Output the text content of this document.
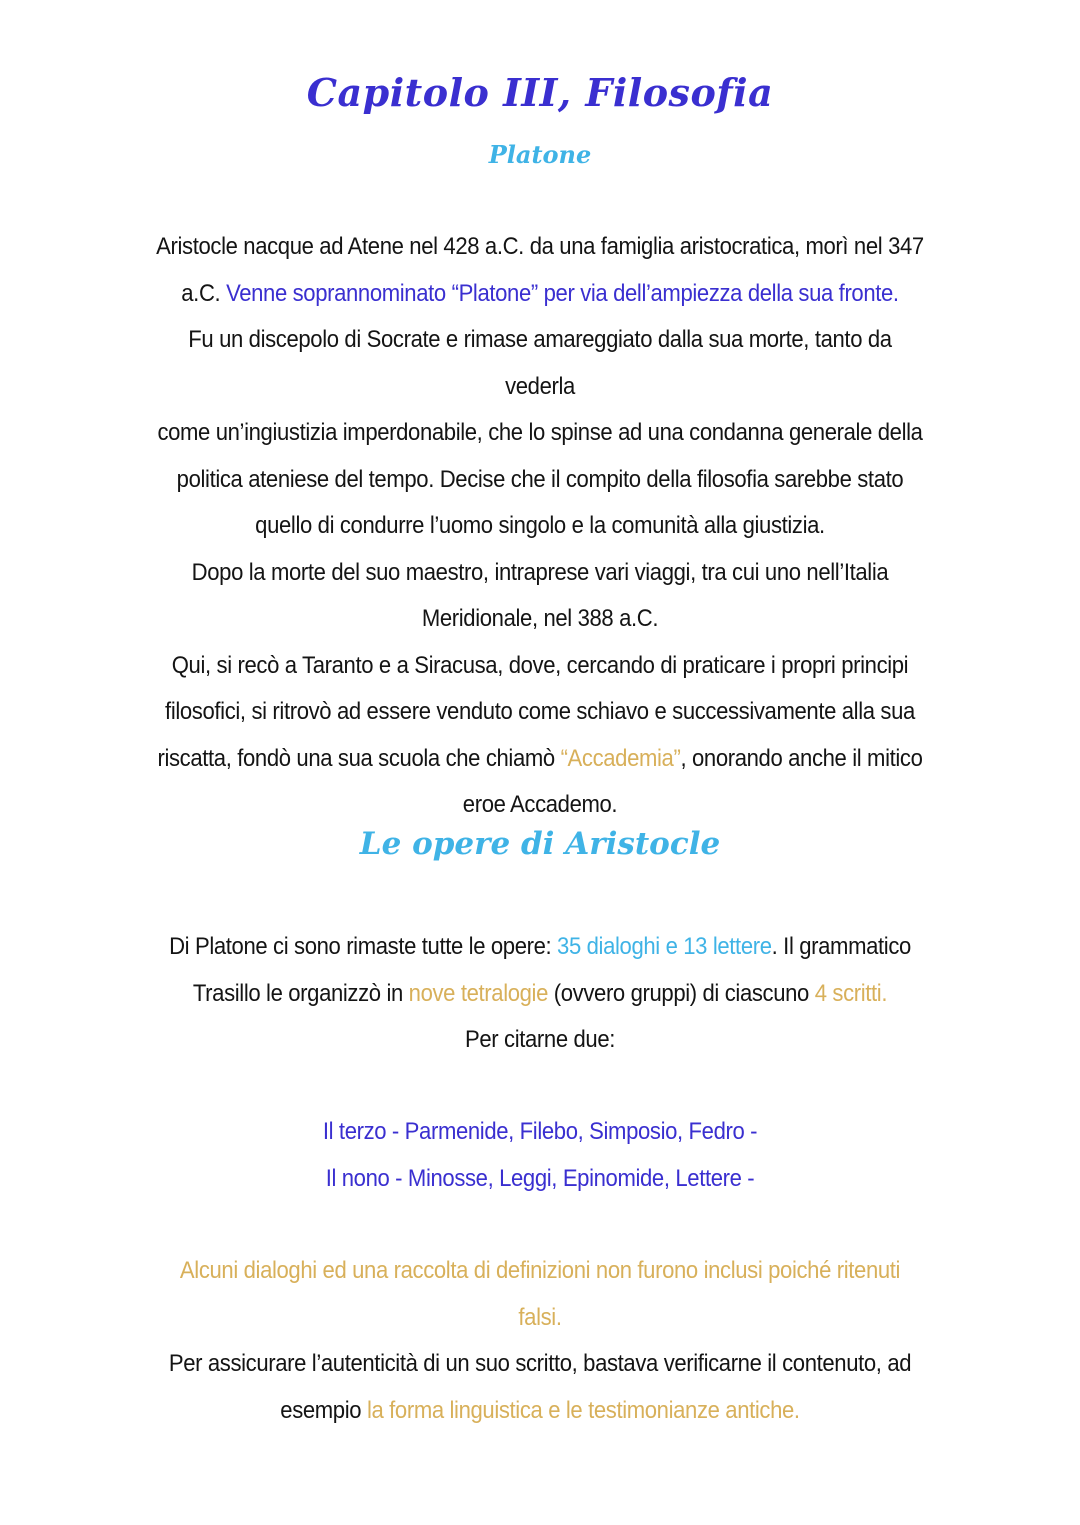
Capitolo III, Filosofia
Platone
Aristocle nacque ad Atene nel 428 a.C. da una famiglia aristocratica, morì nel 347
a.C. Venne soprannominato “Platone” per via dell’ampiezza della sua fronte.
Fu un discepolo di Socrate e rimase amareggiato dalla sua morte, tanto da vederla
come un’ingiustizia imperdonabile, che lo spinse ad una condanna generale della
politica ateniese del tempo. Decise che il compito della filosofia sarebbe stato
quello di condurre l’uomo singolo e la comunità alla giustizia.
Dopo la morte del suo maestro, intraprese vari viaggi, tra cui uno nell’Italia
Meridionale, nel 388 a.C.
Qui, si recò a Taranto e a Siracusa, dove, cercando di praticare i propri principi
filosofici, si ritrovò ad essere venduto come schiavo e successivamente alla sua
riscatta, fondò una sua scuola che chiamò “Accademia”, onorando anche il mitico
eroe Accademo.
Le opere di Aristocle
Di Platone ci sono rimaste tutte le opere: 35 dialoghi e 13 lettere. Il grammatico
Trasillo le organizzò in nove tetralogie (ovvero gruppi) di ciascuno 4 scritti.
Per citarne due:
Il terzo - Parmenide, Filebo, Simposio, Fedro -
Il nono - Minosse, Leggi, Epinomide, Lettere -
Alcuni dialoghi ed una raccolta di definizioni non furono inclusi poiché ritenuti
falsi.
Per assicurare l’autenticità di un suo scritto, bastava verificarne il contenuto, ad
esempio la forma linguistica e le testimonianze antiche.
